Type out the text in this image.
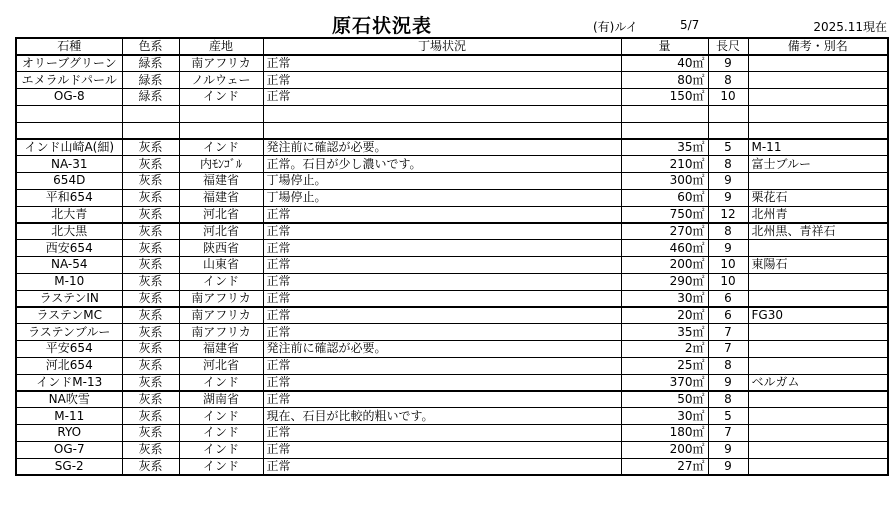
原石状況表	(有)ルイ	5/7	2025.11現在
石種	色系	産地	丁場状況	量	長尺	備考・別名
オリーブグリーン	緑系	南アフリカ	正常	40㎡	9	
エメラルドパール	緑系	ノルウェー	正常	80㎡	8	
OG-8	緑系	インド	正常	150㎡	10	

インド山崎A(細)	灰系	インド	発注前に確認が必要。	35㎡	5	M-11
NA-31	灰系	内ﾓﾝｺﾞﾙ	正常。石目が少し濃いです。	210㎡	8	富士ブルー
654D	灰系	福建省	丁場停止。	300㎡	9	
平和654	灰系	福建省	丁場停止。	60㎡	9	栗花石
北大青	灰系	河北省	正常	750㎡	12	北州青
北大黒	灰系	河北省	正常	270㎡	8	北州黒、青祥石
西安654	灰系	陝西省	正常	460㎡	9	
NA-54	灰系	山東省	正常	200㎡	10	東陽石
M-10	灰系	インド	正常	290㎡	10	
ラステンIN	灰系	南アフリカ	正常	30㎡	6	
ラステンMC	灰系	南アフリカ	正常	20㎡	6	FG30
ラステンブルー	灰系	南アフリカ	正常	35㎡	7	
平安654	灰系	福建省	発注前に確認が必要。	2㎡	7	
河北654	灰系	河北省	正常	25㎡	8	
インドM-13	灰系	インド	正常	370㎡	9	ベルガム
NA吹雪	灰系	湖南省	正常	50㎡	8	
M-11	灰系	インド	現在、石目が比較的粗いです。	30㎡	5	
RYO	灰系	インド	正常	180㎡	7	
OG-7	灰系	インド	正常	200㎡	9	
SG-2	灰系	インド	正常	27㎡	9	
